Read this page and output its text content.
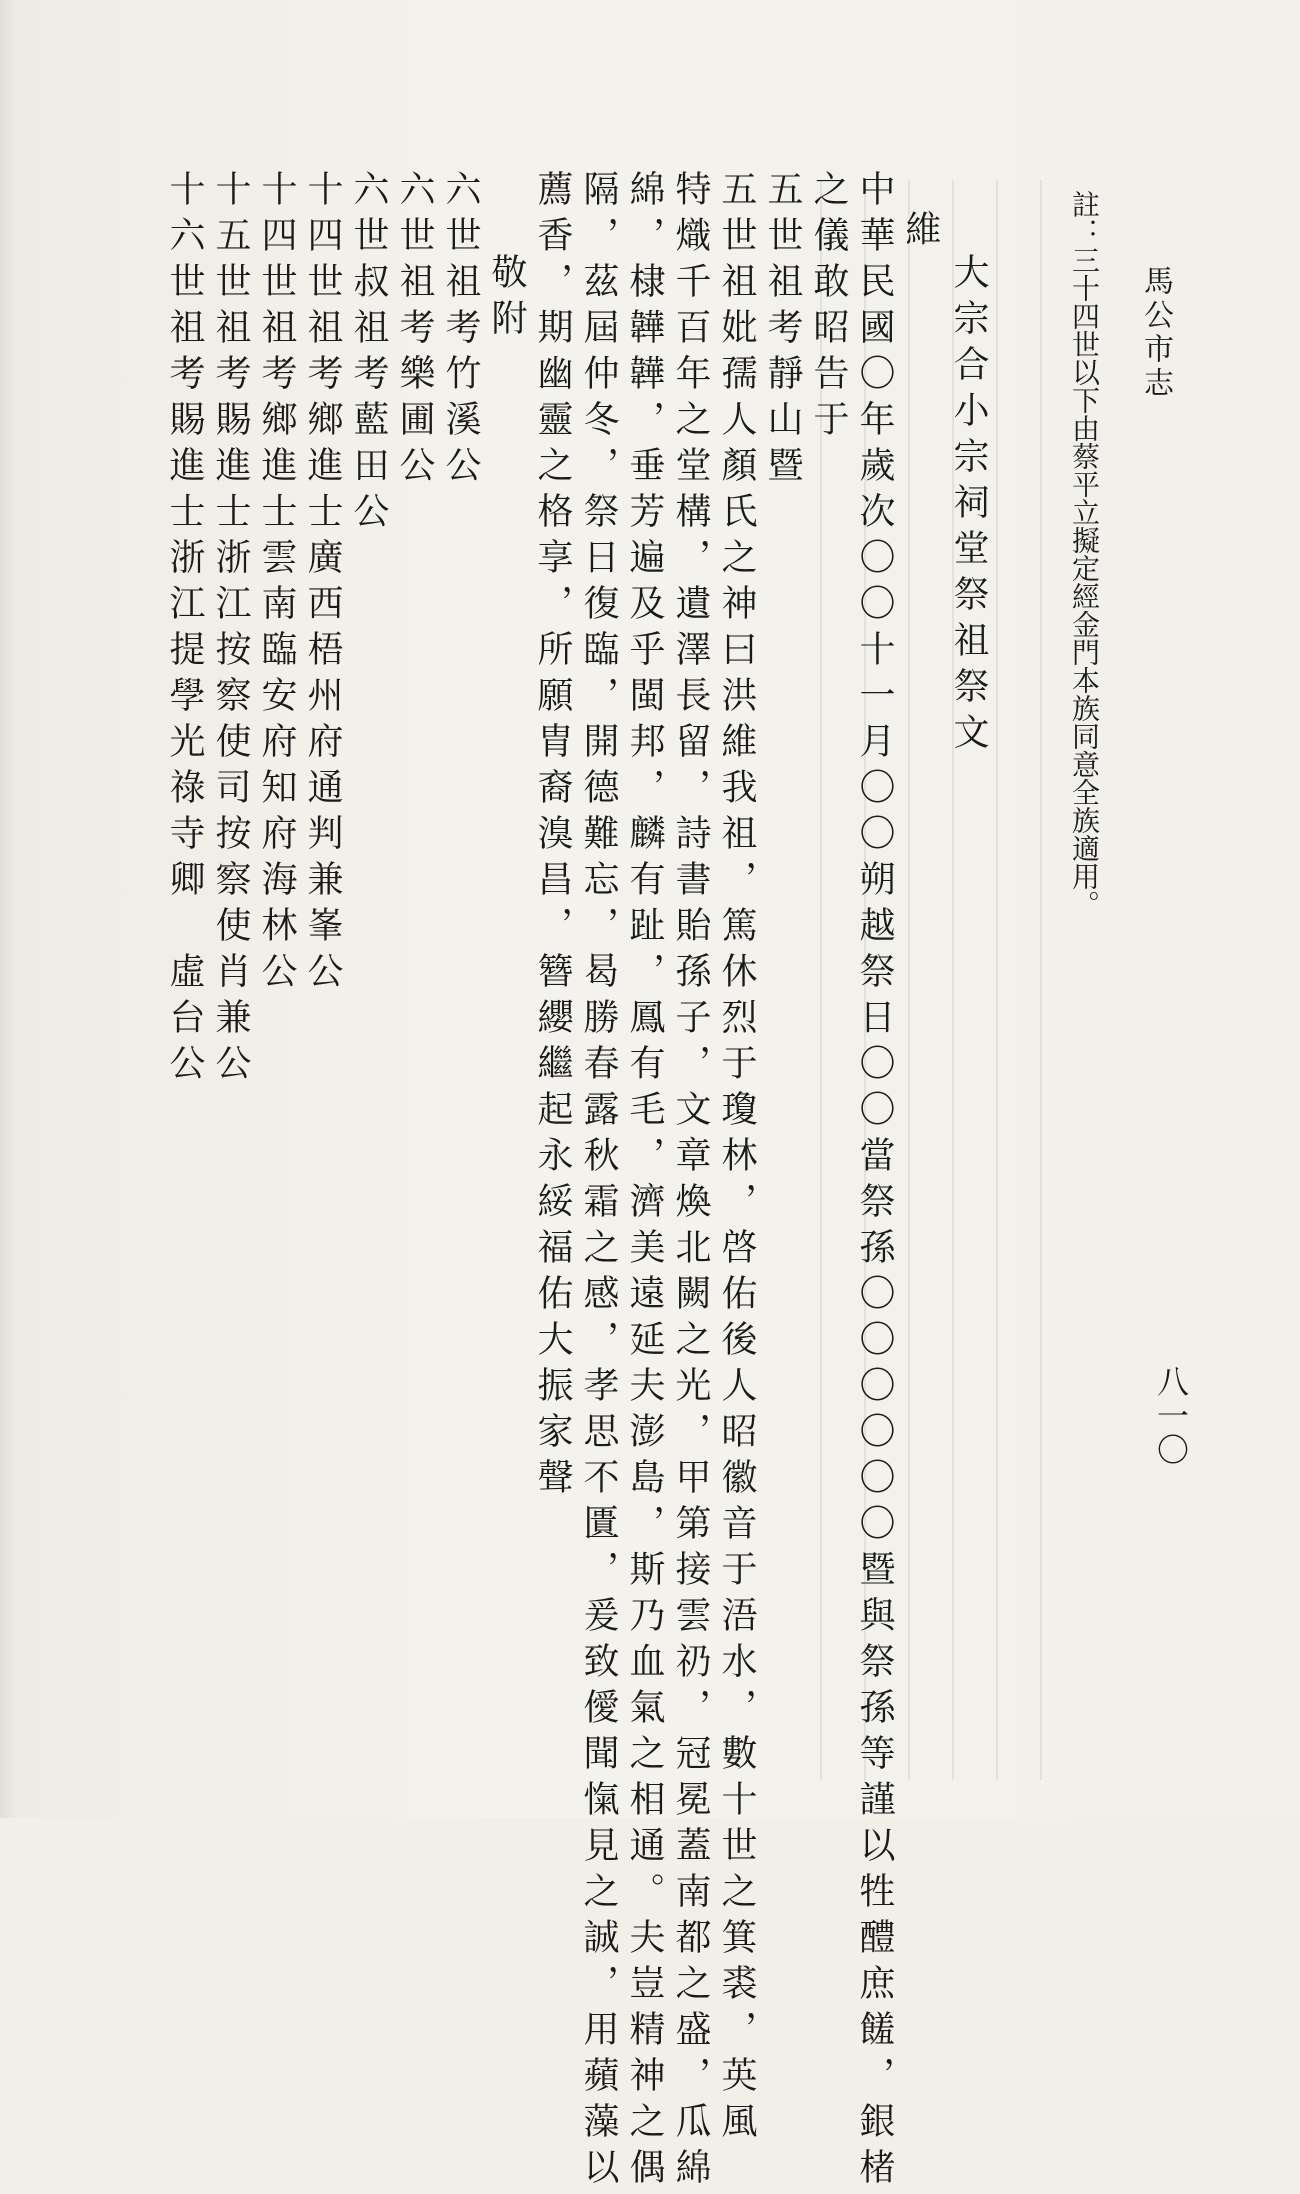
馬公市志
八一〇
註：三十四世以下由蔡平立擬定經金門本族同意全族適用。
大宗合小宗祠堂祭祖祭文
維
中華民國〇年歲次〇〇十一月〇〇朔越祭日〇〇當祭孫〇〇〇〇〇〇暨與祭孫等謹以牲醴庶饈，銀楮
之儀敢昭告于
五世祖考靜山暨
五世祖妣孺人顏氏之神曰洪維我祖，篤休烈于瓊林，啓佑後人昭徽音于浯水，數十世之箕裘，英風
特熾千百年之堂構，遺澤長留，詩書貽孫子，文章煥北闕之光，甲第接雲礽，冠冕蓋南都之盛，瓜綿
綿，棣韡韡，垂芳遍及乎閩邦，麟有趾，鳳有毛，濟美遠延夫澎島，斯乃血氣之相通。夫豈精神之偶
隔，茲屆仲冬，祭日復臨，開德難忘，曷勝春露秋霜之感，孝思不匱，爰致僾聞愾見之誠，用蘋藻以
薦香，期幽靈之格享，所願胄裔溴昌，簪纓繼起永綏福佑大振家聲
敬附
六世祖考竹溪公
六世祖考樂圃公
六世叔祖考藍田公
十四世祖考鄉進士廣西梧州府通判兼峯公
十四世祖考鄉進士雲南臨安府知府海林公
十五世祖考賜進士浙江按察使司按察使肖兼公
十六世祖考賜進士浙江提學光祿寺卿　虛台公
